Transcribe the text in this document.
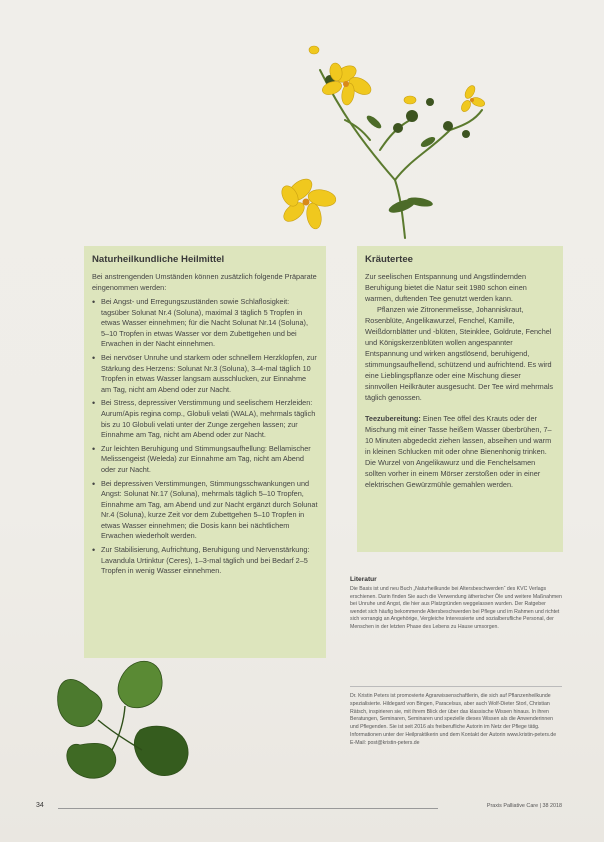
Naturheilkundliche Heilmittel
Bei anstrengenden Umständen können zusätzlich folgende Präparate eingenommen werden:
• Bei Angst- und Erregungszuständen sowie Schlaflosigkeit: tagsüber Solunat Nr.4 (Soluna), maximal 3 täglich 5 Tropfen in etwas Wasser einnehmen; für die Nacht Solunat Nr.14 (Soluna), 5–10 Tropfen in etwas Wasser vor dem Zubettgehen und bei Erwachen in der Nacht einnehmen.
• Bei nervöser Unruhe und starkem oder schnellem Herzklopfen, zur Stärkung des Herzens: Solunat Nr.3 (Soluna), 3–4-mal täglich 10 Tropfen in etwas Wasser langsam ausschlucken, zur Einnahme am Tag, nicht am Abend oder zur Nacht.
• Bei Stress, depressiver Verstimmung und seelischem Herzleiden: Aurum/Apis regina comp., Globuli velati (WALA), mehrmals täglich bis zu 10 Globuli velati unter der Zunge zergehen lassen; zur Einnahme am Tag, nicht am Abend oder zur Nacht.
• Zur leichten Beruhigung und Stimmungsaufhellung: Bellamischer Melissengeist (Weleda) zur Einnahme am Tag, nicht am Abend oder zur Nacht.
• Bei depressiven Verstimmungen, Stimmungsschwankungen und Angst: Solunat Nr.17 (Soluna), mehrmals täglich 5–10 Tropfen, Einnahme am Tag, am Abend und zur Nacht ergänzt durch Solunat Nr.4 (Soluna), kurze Zeit vor dem Zubettgehen 5–10 Tropfen in etwas Wasser einnehmen; die Dosis kann bei nächtlichem Erwachen wiederholt werden.
• Zur Stabilisierung, Aufrichtung, Beruhigung und Nervenstärkung: Lavandula Urtinktur (Ceres), 1–3-mal täglich und bei Bedarf 2–5 Tropfen in wenig Wasser einnehmen.
Kräutertee

Zur seelischen Entspannung und Angstlindernden Beruhigung bietet die Natur seit 1980 schon einen warmen, duftenden Tee genutzt werden kann.

Pflanzen wie Zitronenmelisse, Johanniskraut, Rosenblüte, Angelikawurzel, Fenchel, Kamille, Weißdornblätter und -blüten, Steinklee, Goldrute, Fenchel und Königskerzenblüten wollen angespannter Entspannung und wirken angstlösend, beruhigend, stimmungsaufhellend, schützend und aufrichtend. Es wird eine Lieblingspflanze oder eine Mischung dieser sinnvollen Heilkräuter ausgesucht. Der Tee wird mehrmals täglich genossen.

Teezubereitung: Einen Tee öffel des Krauts oder der Mischung mit einer Tasse heißem Wasser überbrühen, 7–10 Minuten abgedeckt ziehen lassen, abseihen und warm in kleinen Schlucken mit oder ohne Bienenhonig trinken. Die Wurzel von Angelikawurz und die Fenchelsamen sollten vorher in einem Mörser zerstoßen oder in einer elektrischen Gewürzmühle gemahlen werden.

Literatur

Die Basis ist und neu Buch „Naturheilkunde bei Altersbeschwerden“ des KVC Verlags erschienen. Darin finden Sie auch die Verwendung ätherischer Öle und weitere Maßnahmen bei Unruhe und Angst, die hier aus Platzgründen weggelassen wurden. Der Ratgeber wendet sich häufig bekommende Altersbeschwerden bei Pflege und im Rahmen und richtet sich vorrangig an Angehörige, Vergleiche Interessierte und sozialberufliche Personal, der Menschen in der letzten Phase des Lebens zu Hause umsorgen.

Dr. Kristin Peters ist promovierte Agrarwissenschaftlerin, die sich auf Pflanzenheilkunde spezialisierte. Hildegard von Bingen, Paracelsus, aber auch Wolf-Dieter Storl, Christian Rätsch, inspirieren sie, mit ihrem Blick der über das klassische Wissen hinaus. In ihren Beratungen, Seminaren, Seminaren und spezielle dieses Wissen als die Anwenderinnen und Pflegenden. Sie ist seit 2016 als freiberufliche Autorin im Netz der Pflege tätig. Informationen unter der Heilpraktikerin und dem Kontakt der Autorin www.kristin-peters.de

E-Mail: post@kristin-peters.de

34	Praxis Palliative Care | 38 2018
